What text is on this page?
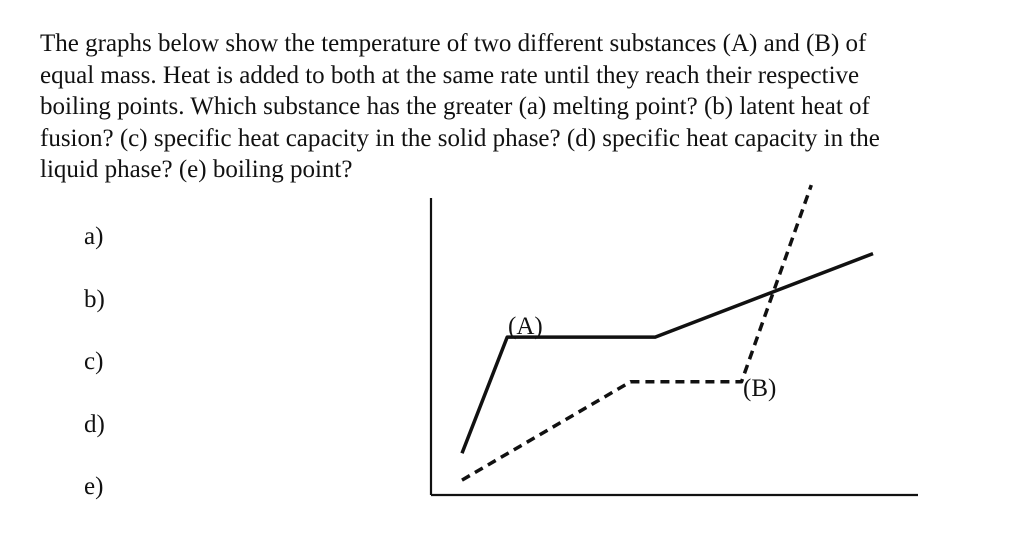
The graphs below show the temperature of two different substances (A) and (B) of
equal mass. Heat is added to both at the same rate until they reach their respective
boiling points. Which substance has the greater (a) melting point? (b) latent heat of
fusion? (c) specific heat capacity in the solid phase? (d) specific heat capacity in the
liquid phase? (e) boiling point?
a)
b)
c)
d)
e)
(A)
(B)
